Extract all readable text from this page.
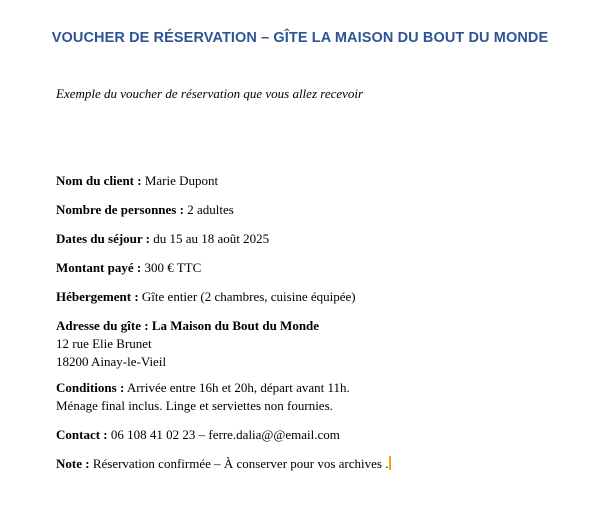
VOUCHER DE RÉSERVATION – GÎTE LA MAISON DU BOUT DU MONDE
Exemple du voucher de réservation que vous allez recevoir
Nom du client : Marie Dupont
Nombre de personnes : 2 adultes
Dates du séjour : du 15 au 18 août 2025
Montant payé : 300 € TTC
Hébergement : Gîte entier (2 chambres, cuisine équipée)
Adresse du gîte : La Maison du Bout du Monde
12 rue Elie Brunet
18200 Ainay-le-Vieil
Conditions : Arrivée entre 16h et 20h, départ avant 11h.
Ménage final inclus. Linge et serviettes non fournies.
Contact : 06 108 41 02 23 – ferre.dalia@@email.com
Note : Réservation confirmée – À conserver pour vos archives .
